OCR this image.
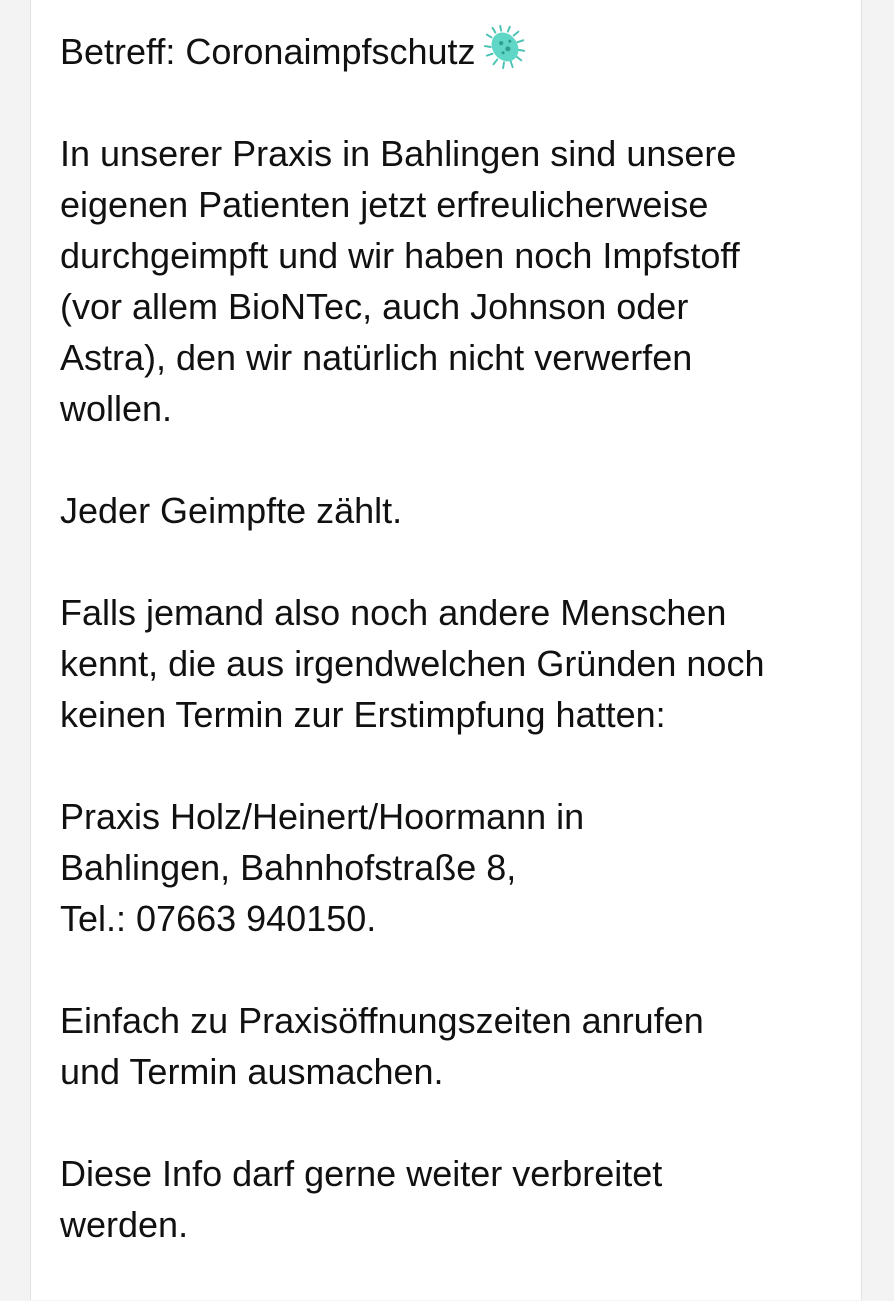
Betreff: Coronaimpfschutz
In unserer Praxis in Bahlingen sind unsere
eigenen Patienten jetzt erfreulicherweise
durchgeimpft und wir haben noch Impfstoff
(vor allem BioNTec, auch Johnson oder
Astra), den wir natürlich nicht verwerfen
wollen.
Jeder Geimpfte zählt.
Falls jemand also noch andere Menschen
kennt, die aus irgendwelchen Gründen noch
keinen Termin zur Erstimpfung hatten:
Praxis Holz/Heinert/Hoormann in
Bahlingen, Bahnhofstraße 8,
Tel.: 07663 940150.
Einfach zu Praxisöffnungszeiten anrufen
und Termin ausmachen.
Diese Info darf gerne weiter verbreitet
werden.
